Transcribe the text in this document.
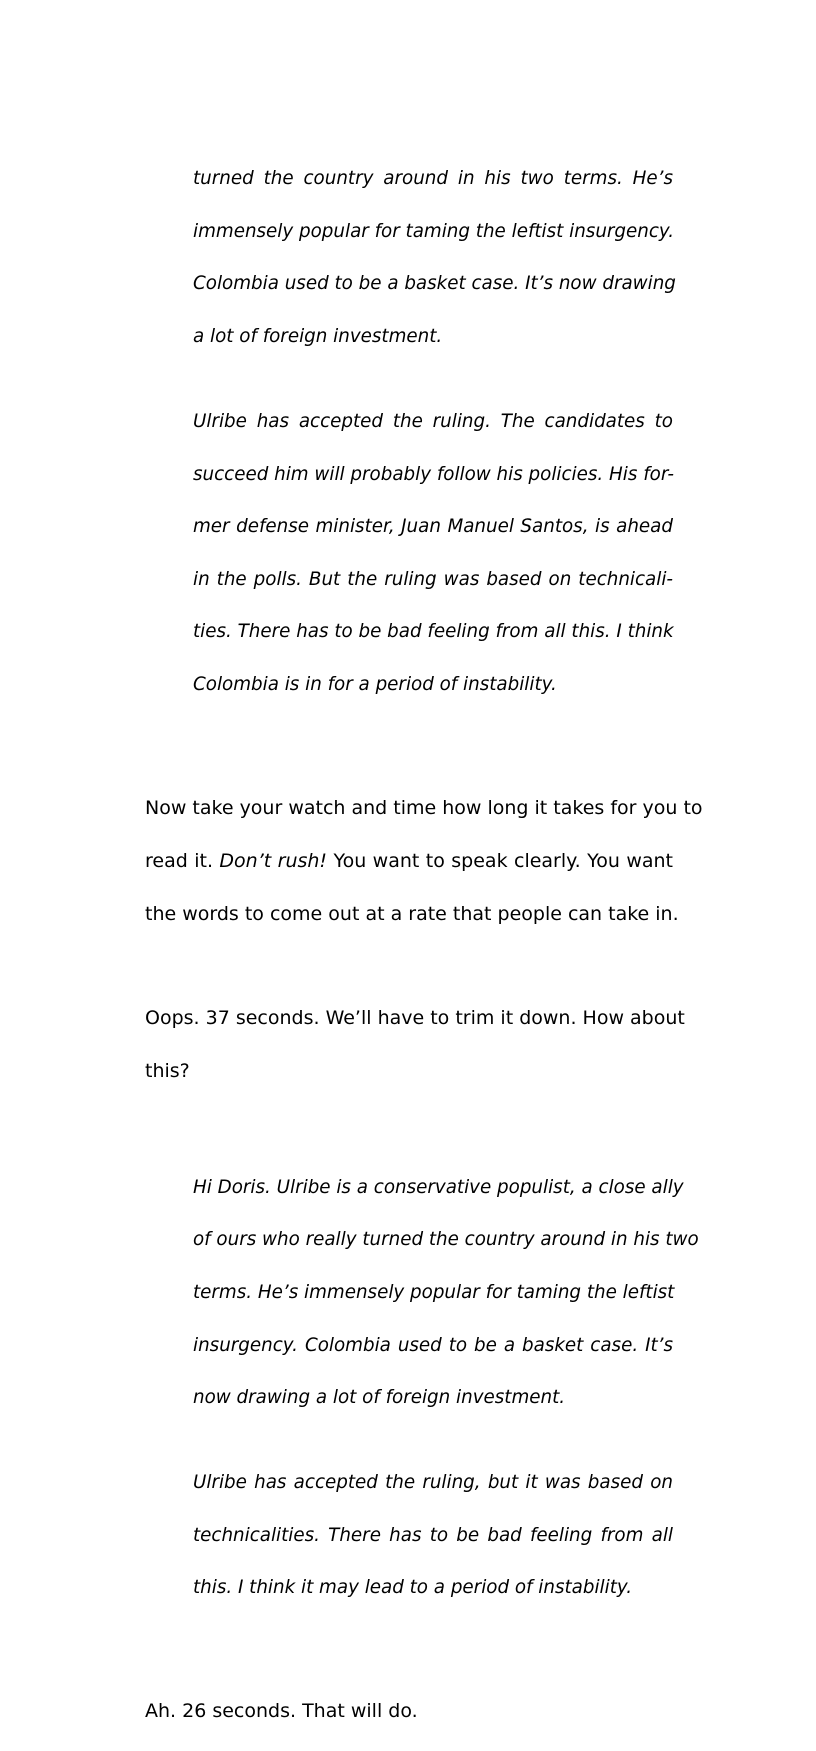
turned the country around in his two terms. He’s

immensely popular for taming the leftist insurgency.

Colombia used to be a basket case. It’s now drawing

a lot of foreign investment.

Ulribe has accepted the ruling. The candidates to

succeed him will probably follow his policies. His for-

mer defense minister, Juan Manuel Santos, is ahead

in the polls. But the ruling was based on technicali-

ties. There has to be bad feeling from all this. I think

Colombia is in for a period of instability.

Now take your watch and time how long it takes for you to

read it. Don’t rush! You want to speak clearly. You want

the words to come out at a rate that people can take in.

Oops. 37 seconds. We’ll have to trim it down. How about

this?

Hi Doris. Ulribe is a conservative populist, a close ally

of ours who really turned the country around in his two

terms. He’s immensely popular for taming the leftist

insurgency. Colombia used to be a basket case. It’s

now drawing a lot of foreign investment.

Ulribe has accepted the ruling, but it was based on

technicalities. There has to be bad feeling from all

this. I think it may lead to a period of instability.

Ah. 26 seconds. That will do.
